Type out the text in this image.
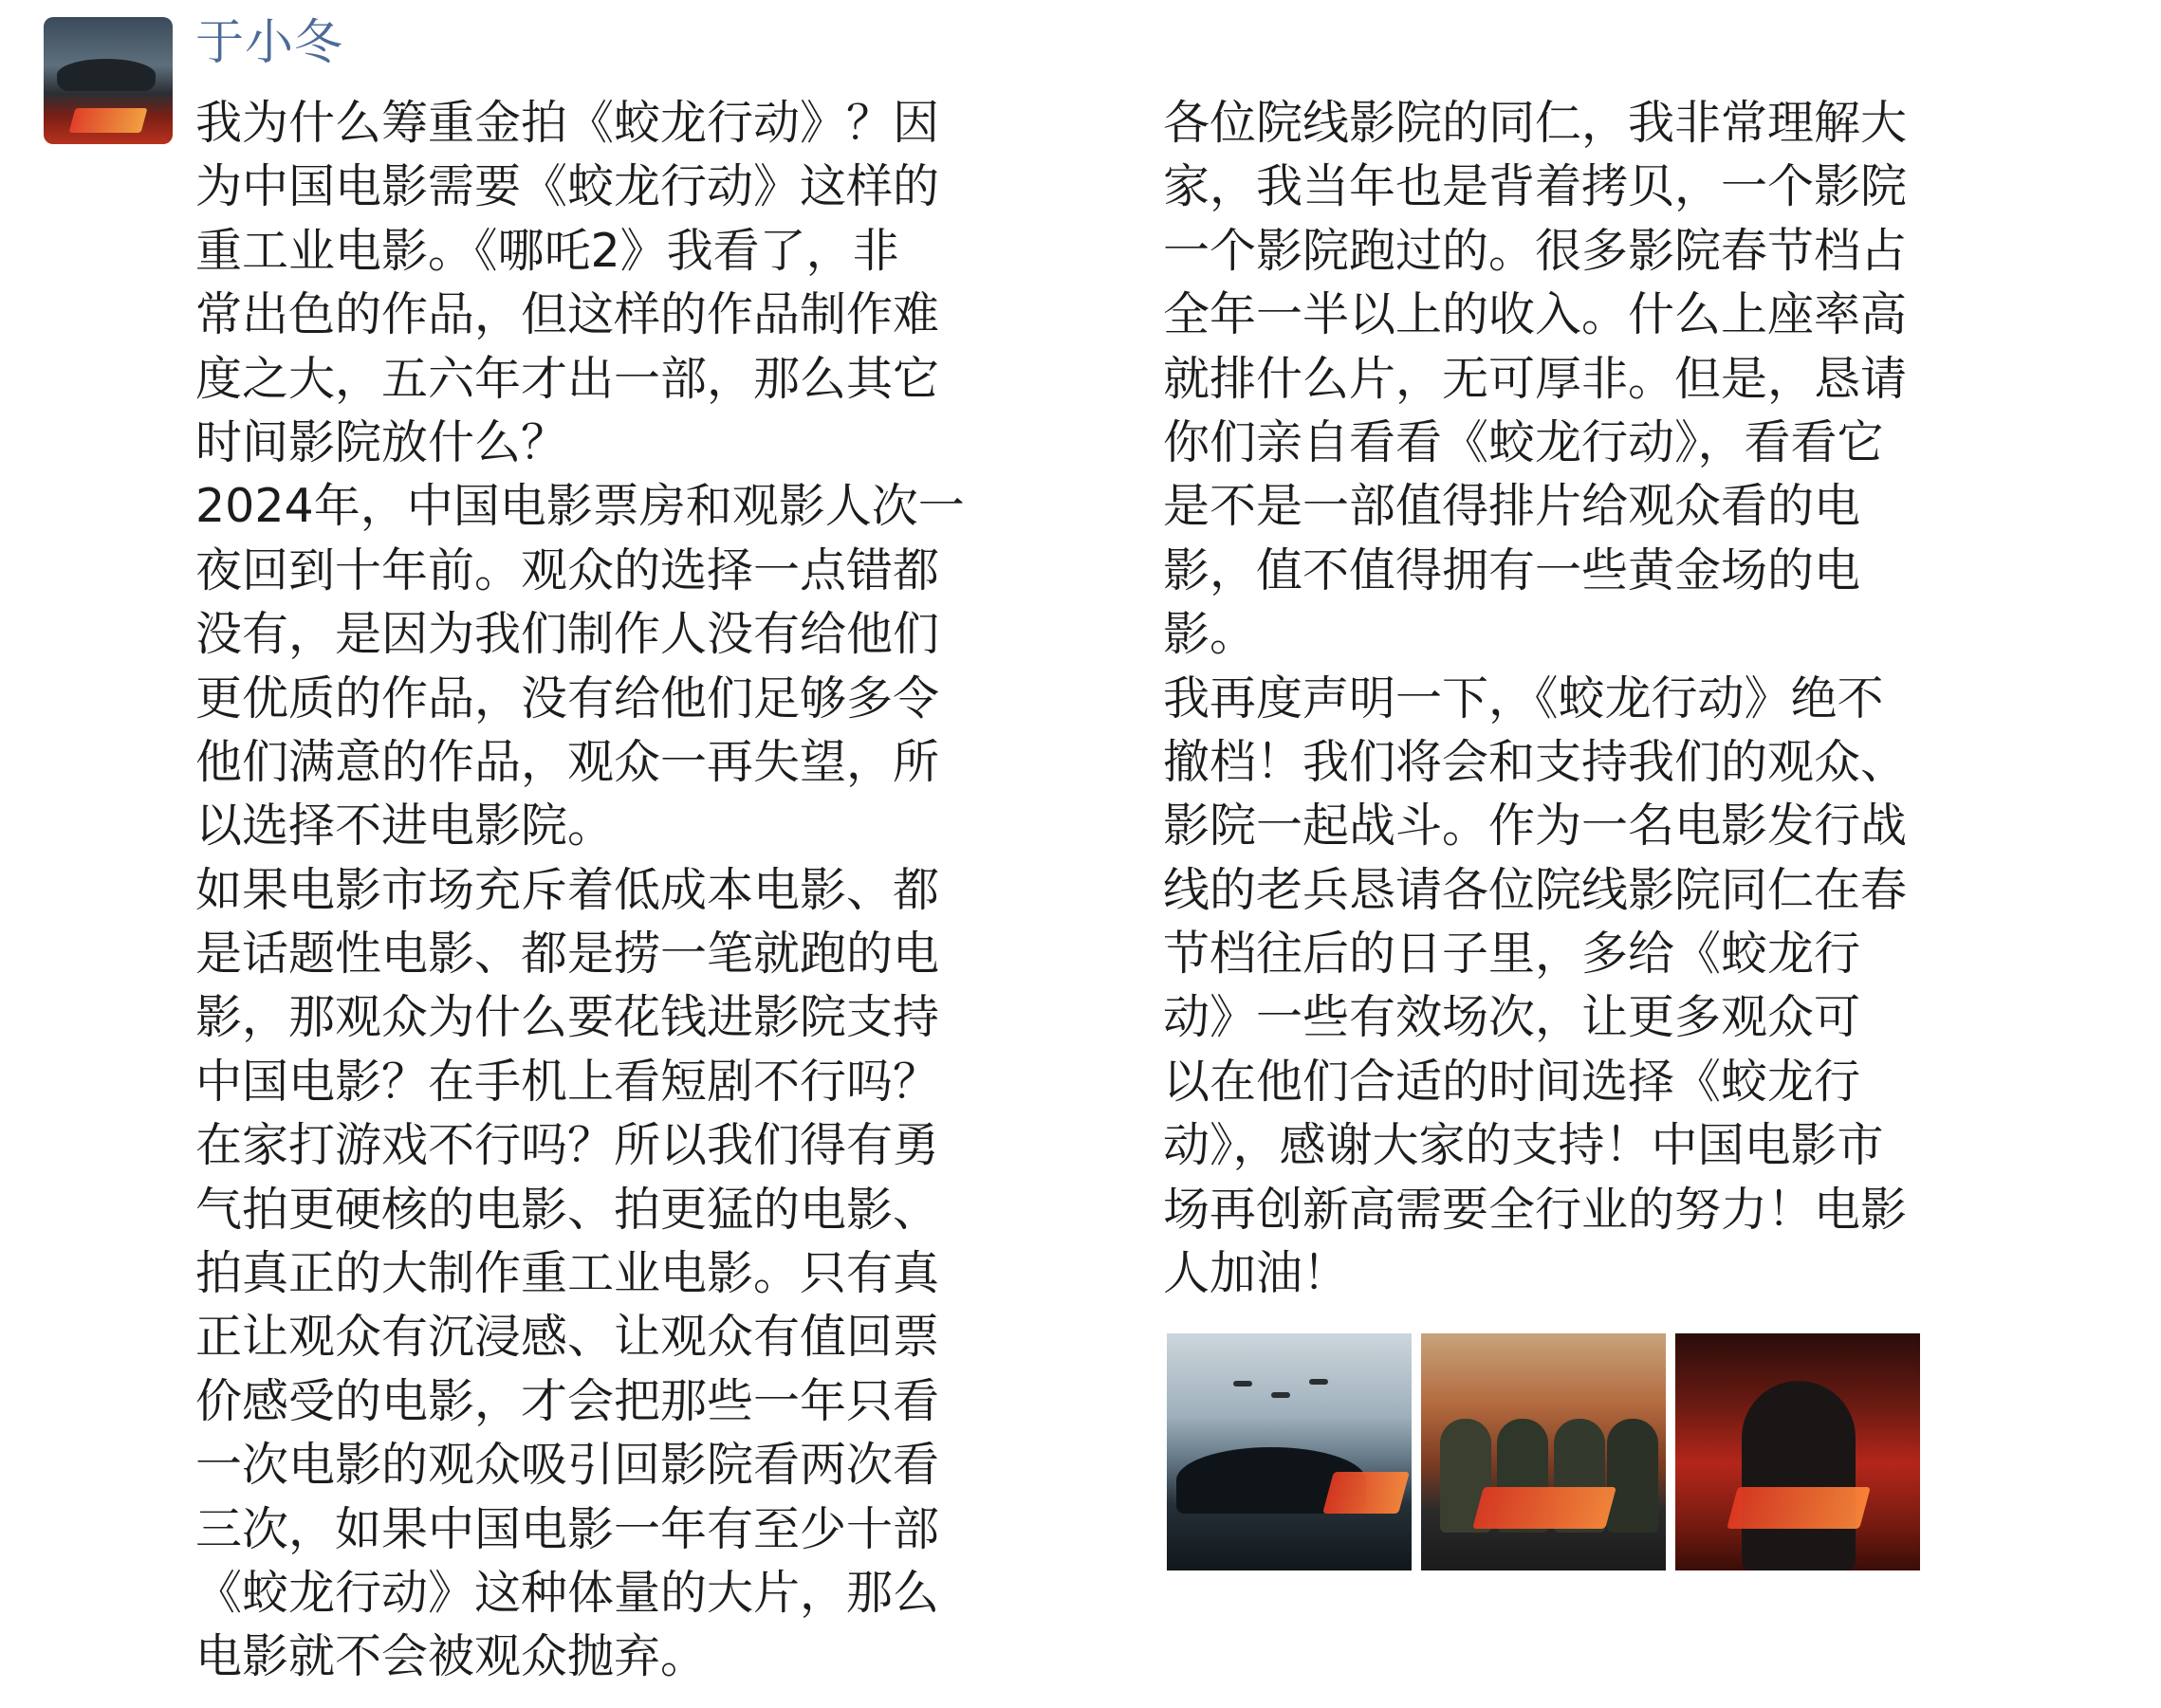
于小冬
我为什么筹重金拍《蛟龙行动》？因
为中国电影需要《蛟龙行动》这样的
重工业电影。《哪吒2》我看了，非
常出色的作品，但这样的作品制作难
度之大，五六年才出一部，那么其它
时间影院放什么？
2024年，中国电影票房和观影人次一
夜回到十年前。观众的选择一点错都
没有，是因为我们制作人没有给他们
更优质的作品，没有给他们足够多令
他们满意的作品，观众一再失望，所
以选择不进电影院。
如果电影市场充斥着低成本电影、都
是话题性电影、都是捞一笔就跑的电
影，那观众为什么要花钱进影院支持
中国电影？在手机上看短剧不行吗？
在家打游戏不行吗？所以我们得有勇
气拍更硬核的电影、拍更猛的电影、
拍真正的大制作重工业电影。只有真
正让观众有沉浸感、让观众有值回票
价感受的电影，才会把那些一年只看
一次电影的观众吸引回影院看两次看
三次，如果中国电影一年有至少十部
《蛟龙行动》这种体量的大片，那么
电影就不会被观众抛弃。
各位院线影院的同仁，我非常理解大
家，我当年也是背着拷贝，一个影院
一个影院跑过的。很多影院春节档占
全年一半以上的收入。什么上座率高
就排什么片，无可厚非。但是，恳请
你们亲自看看《蛟龙行动》，看看它
是不是一部值得排片给观众看的电
影，值不值得拥有一些黄金场的电
影。
我再度声明一下，《蛟龙行动》绝不
撤档！我们将会和支持我们的观众、
影院一起战斗。作为一名电影发行战
线的老兵恳请各位院线影院同仁在春
节档往后的日子里，多给《蛟龙行
动》一些有效场次，让更多观众可
以在他们合适的时间选择《蛟龙行
动》，感谢大家的支持！中国电影市
场再创新高需要全行业的努力！电影
人加油！
